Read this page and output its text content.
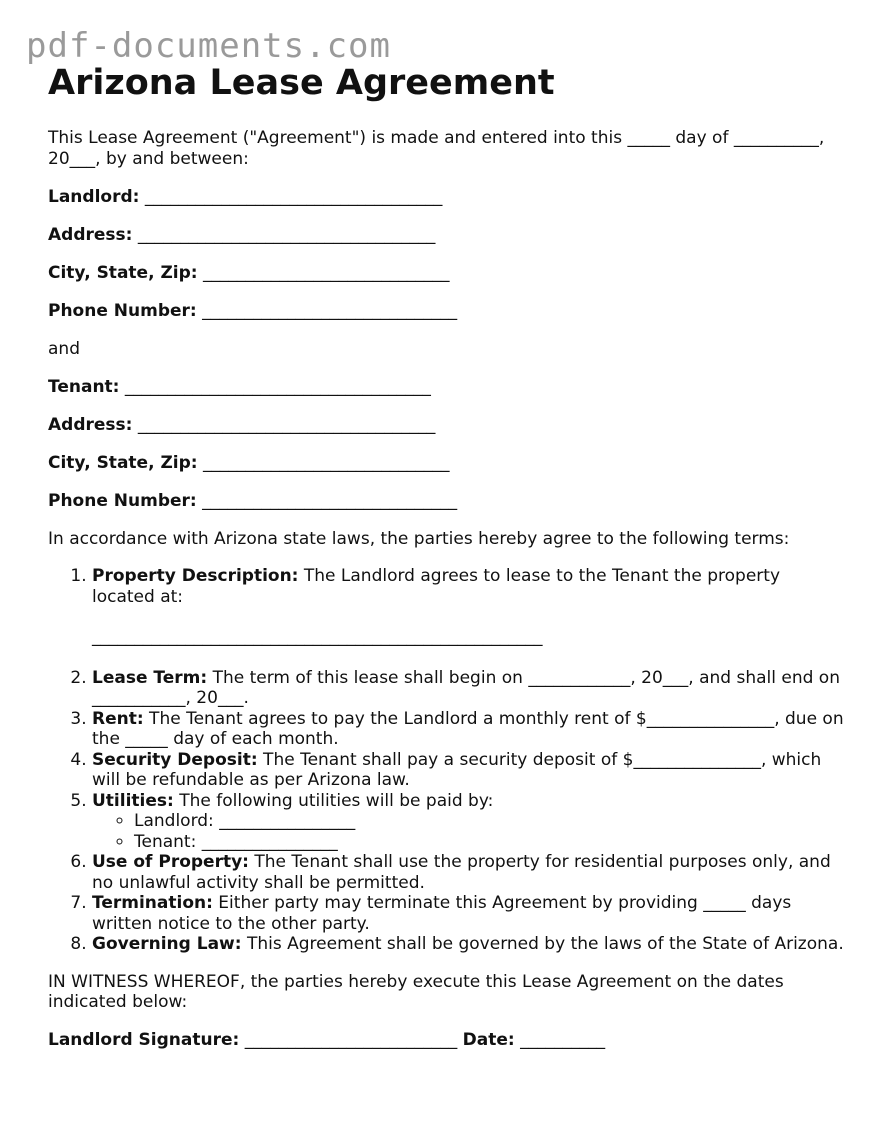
pdf-documents.com
Arizona Lease Agreement

This Lease Agreement ("Agreement") is made and entered into this _____ day of __________, 20___, by and between:

Landlord: ___________________________________
Address: ___________________________________
City, State, Zip: _____________________________
Phone Number: ______________________________

and

Tenant: ____________________________________
Address: ___________________________________
City, State, Zip: _____________________________
Phone Number: ______________________________

In accordance with Arizona state laws, the parties hereby agree to the following terms:

1. Property Description: The Landlord agrees to lease to the Tenant the property located at:
_____________________________________________________
2. Lease Term: The term of this lease shall begin on ____________, 20___, and shall end on ___________, 20___.
3. Rent: The Tenant agrees to pay the Landlord a monthly rent of $_______________, due on the _____ day of each month.
4. Security Deposit: The Tenant shall pay a security deposit of $_______________, which will be refundable as per Arizona law.
5. Utilities: The following utilities will be paid by:
◦ Landlord: ________________
◦ Tenant: ________________
6. Use of Property: The Tenant shall use the property for residential purposes only, and no unlawful activity shall be permitted.
7. Termination: Either party may terminate this Agreement by providing _____ days written notice to the other party.
8. Governing Law: This Agreement shall be governed by the laws of the State of Arizona.

IN WITNESS WHEREOF, the parties hereby execute this Lease Agreement on the dates indicated below:

Landlord Signature: _________________________ Date: __________
